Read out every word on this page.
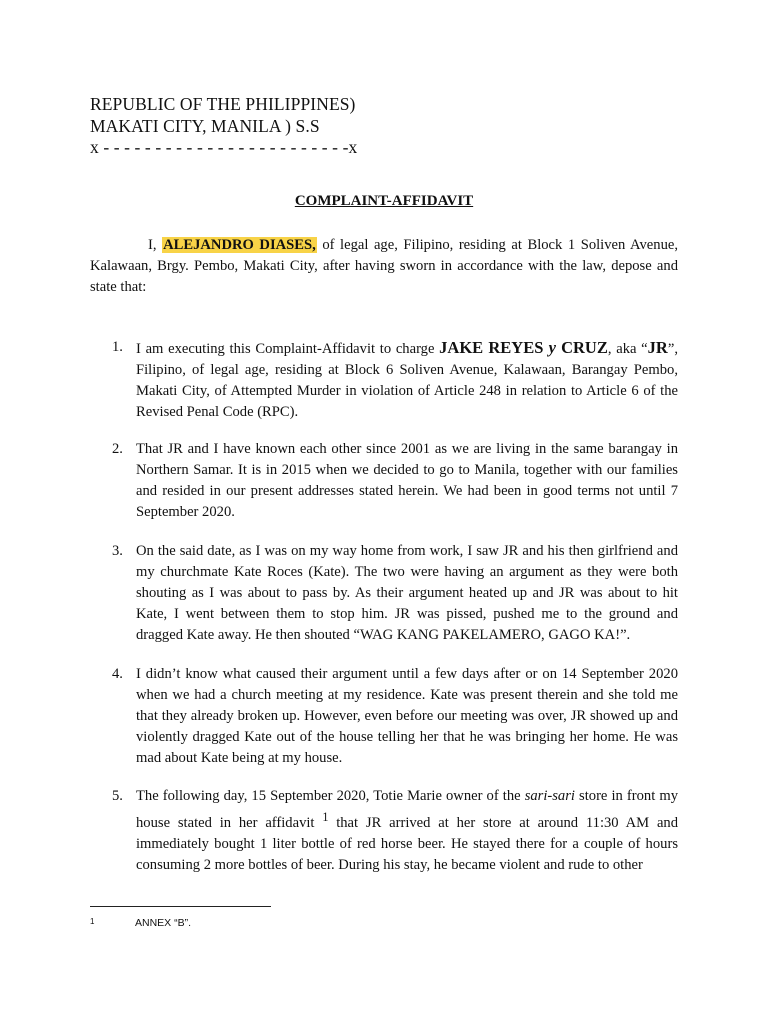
REPUBLIC OF THE PHILIPPINES)
MAKATI CITY, MANILA ) S.S
x - - - - - - - - - - - - - - - - - - - - - - - -x
COMPLAINT-AFFIDAVIT
I, ALEJANDRO DIASES, of legal age, Filipino, residing at Block 1 Soliven Avenue, Kalawaan, Brgy. Pembo, Makati City, after having sworn in accordance with the law, depose and state that:
1. I am executing this Complaint-Affidavit to charge JAKE REYES y CRUZ, aka “JR”, Filipino, of legal age, residing at Block 6 Soliven Avenue, Kalawaan, Barangay Pembo, Makati City, of Attempted Murder in violation of Article 248 in relation to Article 6 of the Revised Penal Code (RPC).
2. That JR and I have known each other since 2001 as we are living in the same barangay in Northern Samar. It is in 2015 when we decided to go to Manila, together with our families and resided in our present addresses stated herein. We had been in good terms not until 7 September 2020.
3. On the said date, as I was on my way home from work, I saw JR and his then girlfriend and my churchmate Kate Roces (Kate). The two were having an argument as they were both shouting as I was about to pass by. As their argument heated up and JR was about to hit Kate, I went between them to stop him. JR was pissed, pushed me to the ground and dragged Kate away. He then shouted “WAG KANG PAKELAMERO, GAGO KA!”.
4. I didn’t know what caused their argument until a few days after or on 14 September 2020 when we had a church meeting at my residence. Kate was present therein and she told me that they already broken up. However, even before our meeting was over, JR showed up and violently dragged Kate out of the house telling her that he was bringing her home. He was mad about Kate being at my house.
5. The following day, 15 September 2020, Totie Marie owner of the sari-sari store in front my house stated in her affidavit $^1$ that JR arrived at her store at around 11:30 AM and immediately bought 1 liter bottle of red horse beer. He stayed there for a couple of hours consuming 2 more bottles of beer. During his stay, he became violent and rude to other
1	ANNEX “B”.
